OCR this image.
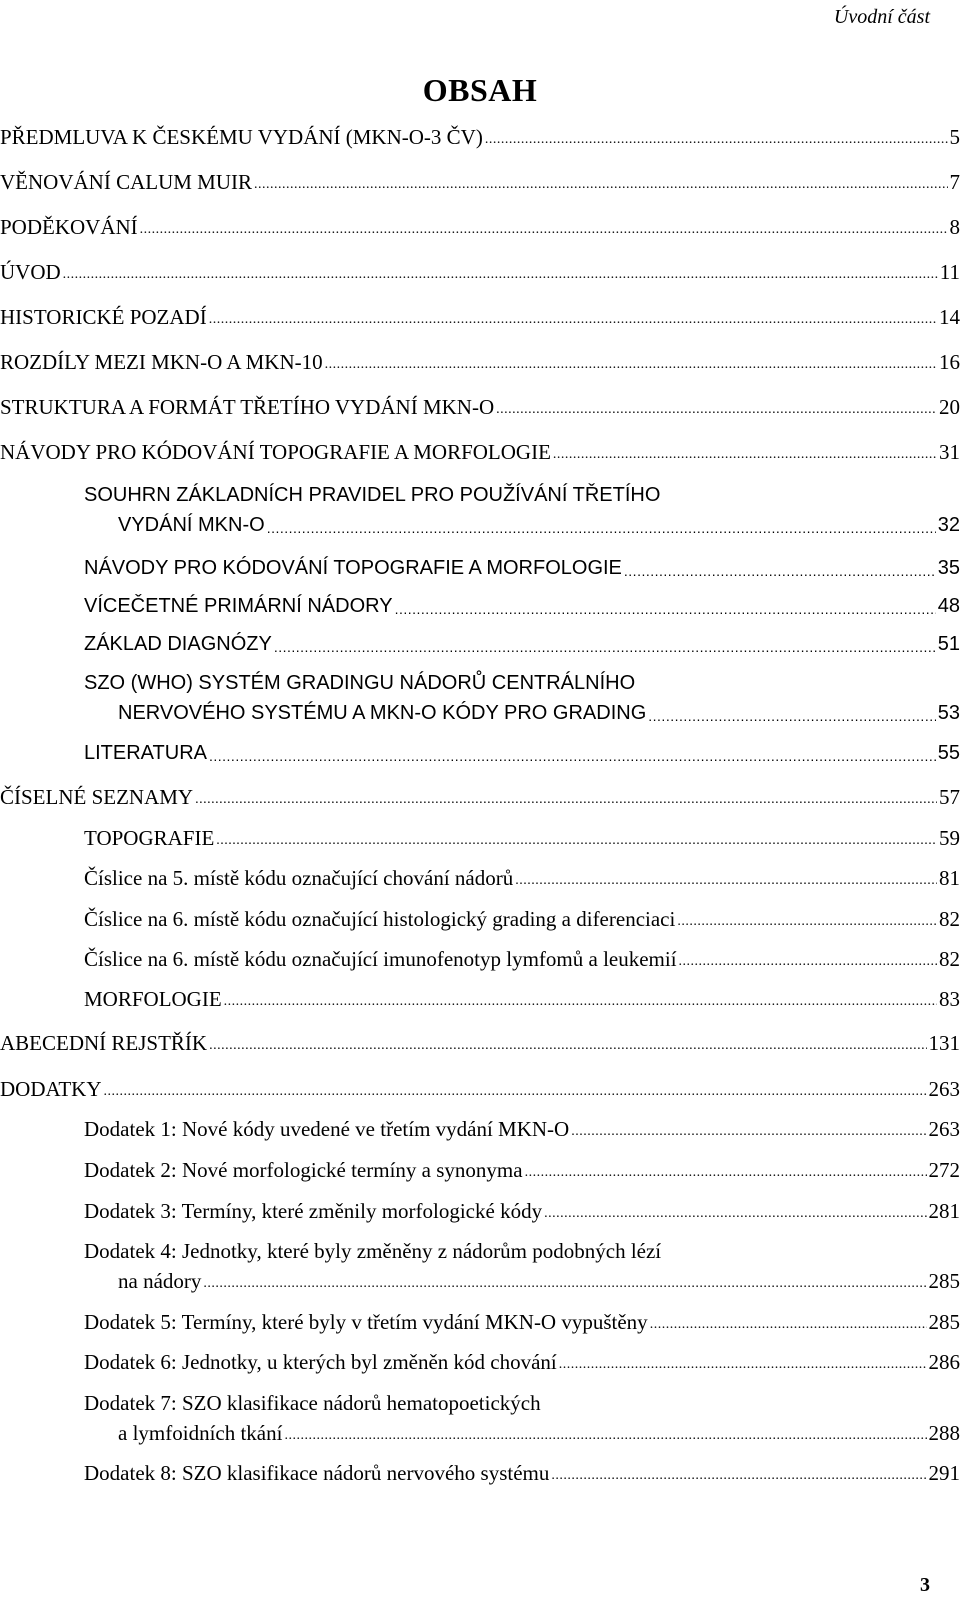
Úvodní část
OBSAH
PŘEDMLUVA K ČESKÉMU VYDÁNÍ (MKN-O-3 ČV) .....	5
VĚNOVÁNÍ CALUM MUIR .....	7
PODĚKOVÁNÍ .....	8
ÚVOD .....	11
HISTORICKÉ POZADÍ .....	14
ROZDÍLY MEZI MKN-O A MKN-10 .....	16
STRUKTURA A FORMÁT TŘETÍHO VYDÁNÍ MKN-O .....	20
NÁVODY PRO KÓDOVÁNÍ TOPOGRAFIE A MORFOLOGIE .....	31
SOUHRN ZÁKLADNÍCH PRAVIDEL PRO POUŽÍVÁNÍ TŘETÍHO
VYDÁNÍ MKN-O .....	32
NÁVODY PRO KÓDOVÁNÍ TOPOGRAFIE A MORFOLOGIE .....	35
VÍCEČETNÉ PRIMÁRNÍ NÁDORY .....	48
ZÁKLAD DIAGNÓZY .....	51
SZO (WHO) SYSTÉM GRADINGU NÁDORŮ CENTRÁLNÍHO
NERVOVÉHO SYSTÉMU A MKN-O KÓDY PRO GRADING .....	53
LITERATURA .....	55
ČÍSELNÉ SEZNAMY .....	57
TOPOGRAFIE .....	59
Číslice na 5. místě kódu označující chování nádorů .....	81
Číslice na 6. místě kódu označující histologický grading a diferenciaci .....	82
Číslice na 6. místě kódu označující imunofenotyp lymfomů a leukemií .....	82
MORFOLOGIE .....	83
ABECEDNÍ REJSTŘÍK .....	131
DODATKY .....	263
Dodatek 1: Nové kódy uvedené ve třetím vydání MKN-O .....	263
Dodatek 2: Nové morfologické termíny a synonyma .....	272
Dodatek 3: Termíny, které změnily morfologické kódy .....	281
Dodatek 4: Jednotky, které byly změněny z nádorům podobných lézí
na nádory .....	285
Dodatek 5: Termíny, které byly v třetím vydání MKN-O vypuštěny .....	285
Dodatek 6: Jednotky, u kterých byl změněn kód chování .....	286
Dodatek 7: SZO klasifikace nádorů hematopoetických
a lymfoidních tkání .....	288
Dodatek 8: SZO klasifikace nádorů nervového systému .....	291
3
